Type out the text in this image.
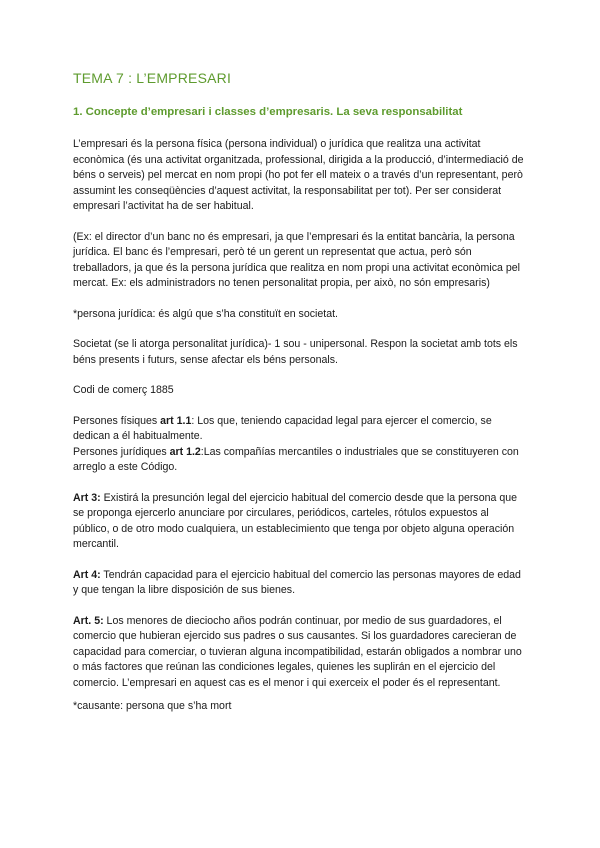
TEMA 7 : L’EMPRESARI
1. Concepte d’empresari i classes d’empresaris. La seva responsabilitat

L’empresari és la persona física (persona individual) o jurídica que realitza una activitat econòmica (és una activitat organitzada, professional, dirigida a la producció, d’intermediació de béns o serveis) pel mercat en nom propi (ho pot fer ell mateix o a través d’un representant, però assumint les conseqüències d’aquest activitat, la responsabilitat per tot). Per ser considerat empresari l’activitat ha de ser habitual.

(Ex: el director d’un banc no és empresari, ja que l’empresari és la entitat bancària, la persona jurídica. El banc és l’empresari, però té un gerent un representat que actua, però són treballadors, ja que és la persona jurídica que realitza en nom propi una activitat econòmica pel mercat. Ex: els administradors no tenen personalitat propia, per això, no són empresaris)

*persona jurídica: és algú que s’ha constituït en societat.

Societat (se li atorga personalitat jurídica)- 1 sou - unipersonal. Respon la societat amb tots els béns presents i futurs, sense afectar els béns personals.

Codi de comerç 1885

Persones físiques art 1.1: Los que, teniendo capacidad legal para ejercer el comercio, se dedican a él habitualmente.

Persones jurídiques art 1.2:Las compañías mercantiles o industriales que se constituyeren con arreglo a este Código.

Art 3: Existirá la presunción legal del ejercicio habitual del comercio desde que la persona que se proponga ejercerlo anunciare por circulares, periódicos, carteles, rótulos expuestos al público, o de otro modo cualquiera, un establecimiento que tenga por objeto alguna operación mercantil.

Art 4: Tendrán capacidad para el ejercicio habitual del comercio las personas mayores de edad y que tengan la libre disposición de sus bienes.

Art. 5: Los menores de dieciocho años podrán continuar, por medio de sus guardadores, el comercio que hubieran ejercido sus padres o sus causantes. Si los guardadores carecieran de capacidad para comerciar, o tuvieran alguna incompatibilidad, estarán obligados a nombrar uno o más factores que reúnan las condiciones legales, quienes les suplirán en el ejercicio del comercio. L’empresari en aquest cas es el menor i qui exerceix el poder és el representant.

*causante: persona que s’ha mort
